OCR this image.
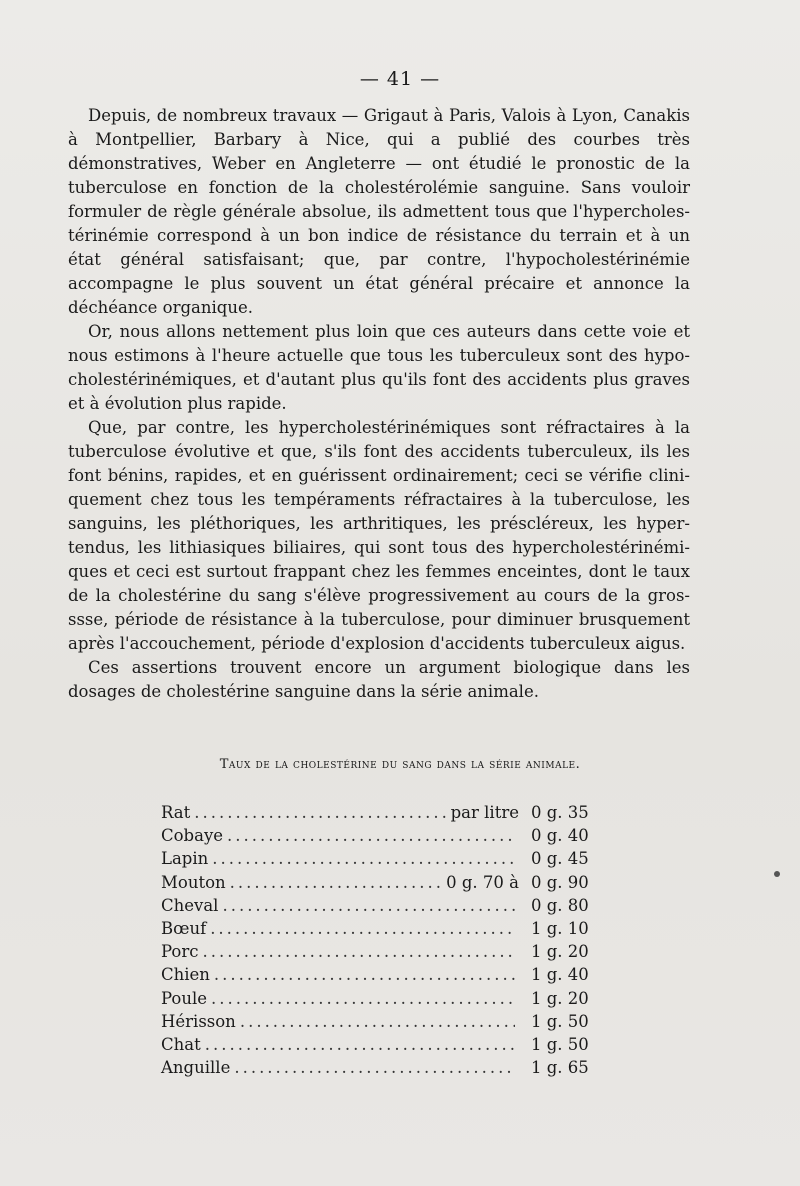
— 41 —

Depuis, de nombreux travaux — Grigaut à Paris, Valois à Lyon, Canakis à Montpellier, Barbary à Nice, qui a publié des courbes très démonstratives, Weber en Angleterre — ont étudié le pronostic de la tuberculose en fonction de la cholestérolémie sanguine. Sans vouloir formuler de règle générale absolue, ils admettent tous que l'hypercholestérinémie correspond à un bon indice de résistance du terrain et à un état général satisfaisant; que, par contre, l'hypocholestérinémie accompagne le plus souvent un état général précaire et annonce la déchéance organique.

Or, nous allons nettement plus loin que ces auteurs dans cette voie et nous estimons à l'heure actuelle que tous les tuberculeux sont des hypocholestérinémiques, et d'autant plus qu'ils font des accidents plus graves et à évolution plus rapide.

Que, par contre, les hypercholestérinémiques sont réfractaires à la tuberculose évolutive et que, s'ils font des accidents tuberculeux, ils les font bénins, rapides, et en guérissent ordinairement; ceci se vérifie cliniquement chez tous les tempéraments réfractaires à la tuberculose, les sanguins, les pléthoriques, les arthritiques, les préscléreux, les hypertendus, les lithiasiques biliaires, qui sont tous des hypercholestérinémiques et ceci est surtout frappant chez les femmes enceintes, dont le taux de la cholestérine du sang s'élève progressivement au cours de la grosssse, période de résistance à la tuberculose, pour diminuer brusquement après l'accouchement, période d'explosion d'accidents tuberculeux aigus.

Ces assertions trouvent encore un argument biologique dans les dosages de cholestérine sanguine dans la série animale.

Taux de la cholestérine du sang dans la série animale.
Rat .....	par litre 0 g. 35
Cobaye .....	0 g. 40
Lapin .....	0 g. 45
Mouton .....	0 g. 70 à 0 g. 90
Cheval .....	0 g. 80
Bœuf .....	1 g. 10
Porc .....	1 g. 20
Chien .....	1 g. 40
Poule .....	1 g. 20
Hérisson .....	1 g. 50
Chat .....	1 g. 50
Anguille .....	1 g. 65
